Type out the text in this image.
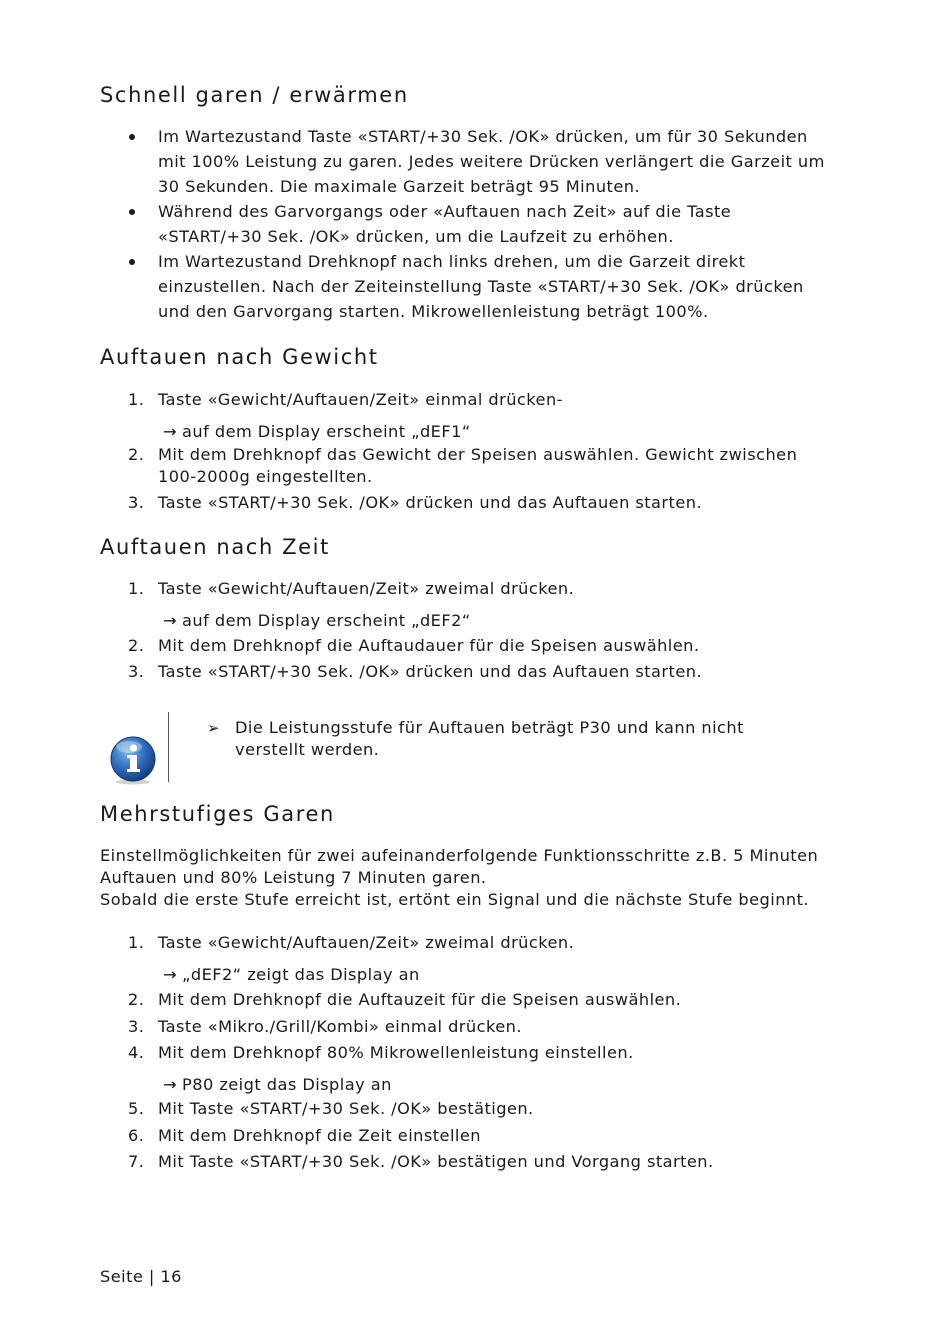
Schnell garen / erwärmen
Im Wartezustand Taste «START/+30 Sek. /OK» drücken, um für 30 Sekunden mit 100% Leistung zu garen. Jedes weitere Drücken verlängert die Garzeit um 30 Sekunden. Die maximale Garzeit beträgt 95 Minuten.
Während des Garvorgangs oder «Auftauen nach Zeit» auf die Taste «START/+30 Sek. /OK» drücken, um die Laufzeit zu erhöhen.
Im Wartezustand Drehknopf nach links drehen, um die Garzeit direkt einzustellen. Nach der Zeiteinstellung Taste «START/+30 Sek. /OK» drücken und den Garvorgang starten. Mikrowellenleistung beträgt 100%.
Auftauen nach Gewicht
1. Taste «Gewicht/Auftauen/Zeit» einmal drücken-
→ auf dem Display erscheint „dEF1“
2. Mit dem Drehknopf das Gewicht der Speisen auswählen. Gewicht zwischen 100-2000g eingestellten.
3. Taste «START/+30 Sek. /OK» drücken und das Auftauen starten.
Auftauen nach Zeit
1. Taste «Gewicht/Auftauen/Zeit» zweimal drücken.
→ auf dem Display erscheint „dEF2“
2. Mit dem Drehknopf die Auftaudauer für die Speisen auswählen.
3. Taste «START/+30 Sek. /OK» drücken und das Auftauen starten.
➢ Die Leistungsstufe für Auftauen beträgt P30 und kann nicht verstellt werden.
Mehrstufiges Garen
Einstellmöglichkeiten für zwei aufeinanderfolgende Funktionsschritte z.B. 5 Minuten Auftauen und 80% Leistung 7 Minuten garen.
Sobald die erste Stufe erreicht ist, ertönt ein Signal und die nächste Stufe beginnt.
1. Taste «Gewicht/Auftauen/Zeit» zweimal drücken.
→ „dEF2“ zeigt das Display an
2. Mit dem Drehknopf die Auftauzeit für die Speisen auswählen.
3. Taste «Mikro./Grill/Kombi» einmal drücken.
4. Mit dem Drehknopf 80% Mikrowellenleistung einstellen.
→ P80 zeigt das Display an
5. Mit Taste «START/+30 Sek. /OK» bestätigen.
6. Mit dem Drehknopf die Zeit einstellen
7. Mit Taste «START/+30 Sek. /OK» bestätigen und Vorgang starten.
Seite | 16
